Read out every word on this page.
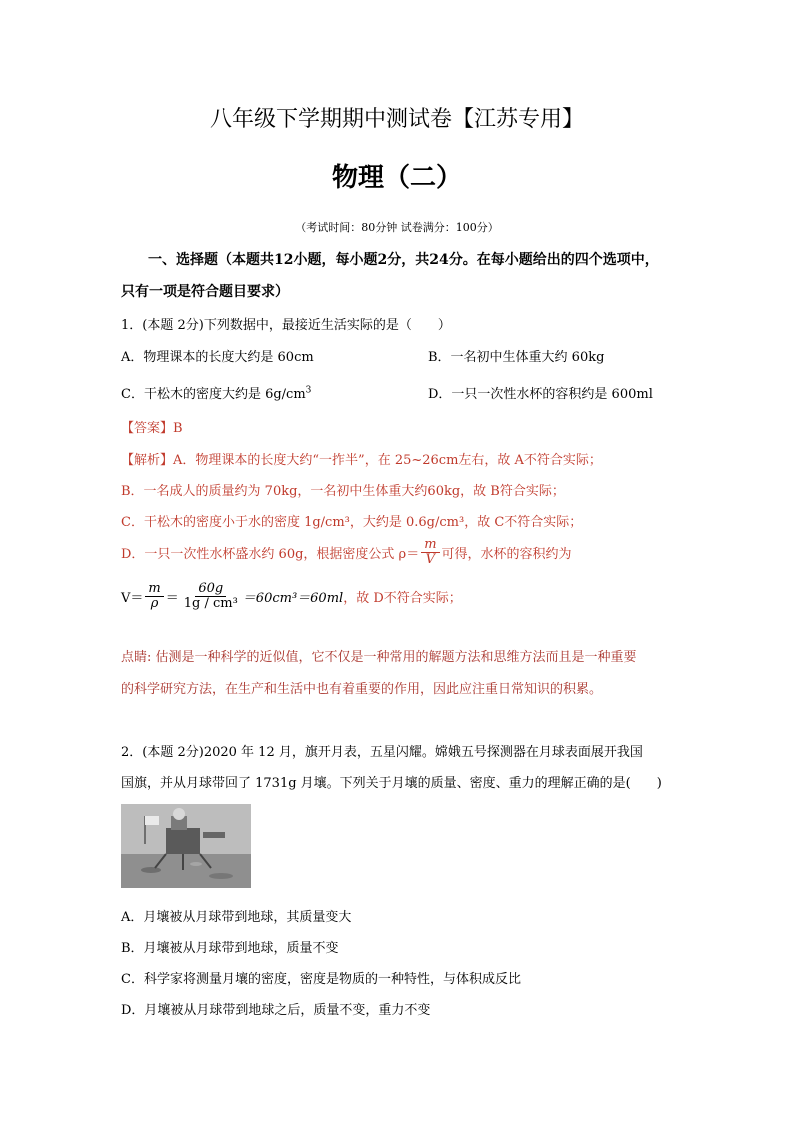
八年级下学期期中测试卷【江苏专用】
物理（二）
（考试时间：80分钟 试卷满分：100分）
一、选择题（本题共12小题，每小题2分，共24分。在每小题给出的四个选项中，
只有一项是符合题目要求）
1．(本题 2分)下列数据中，最接近生活实际的是（　　）
A．物理课本的长度大约是 60cm	B．一名初中生体重大约 60kg
C．干松木的密度大约是 $6g/cm^3$	D．一只一次性水杯的容积约是 600ml
【答案】B
【解析】A．物理课本的长度大约“一拃半”，在 25~26cm左右，故 A不符合实际；
B．一名成人的质量约为 70kg，一名初中生体重大约60kg，故 B符合实际；
C．干松木的密度小于水的密度 1g/cm³，大约是 0.6g/cm³，故 C不符合实际；
D．一只一次性水杯盛水约 60g，根据密度公式 $\rho= \frac{m}{V}$ 可得，水杯的容积约为
$V= \frac{m}{\rho} = \frac{60g}{\text{1g / cm³}} =60cm^3=60ml$ ，故 D不符合实际；
点睛: 估测是一种科学的近似值，它不仅是一种常用的解题方法和思维方法而且是一种重要
的科学研究方法，在生产和生活中也有着重要的作用，因此应注重日常知识的积累。
2．(本题 2分)2020 年 12 月，旗开月表，五星闪耀。嫦娥五号探测器在月球表面展开我国
国旗，并从月球带回了 1731g 月壤。下列关于月壤的质量、密度、重力的理解正确的是(　　)
A．月壤被从月球带到地球，其质量变大
B．月壤被从月球带到地球，质量不变
C．科学家将测量月壤的密度，密度是物质的一种特性，与体积成反比
D．月壤被从月球带到地球之后，质量不变，重力不变
